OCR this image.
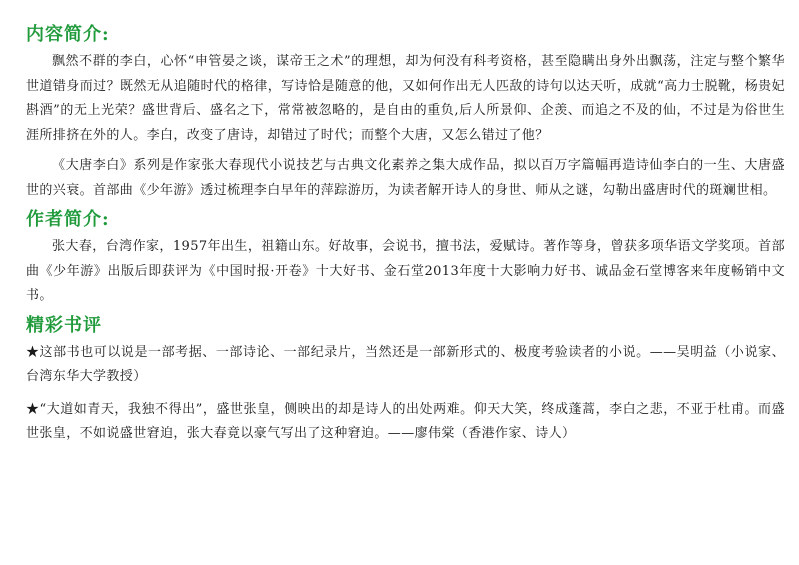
内容简介:

飘然不群的李白，心怀“申管晏之谈，谋帝王之术”的理想，却为何没有科考资格，甚至隐瞒出身外出飘荡，注定与整个繁华世道错身而过？既然无从追随时代的格律，写诗恰是随意的他，又如何作出无人匹敌的诗句以达天听，成就“高力士脱靴，杨贵妃斟酒”的无上光荣？盛世背后、盛名之下，常常被忽略的，是自由的重负,后人所景仰、企羡、而追之不及的仙，不过是为俗世生涯所排挤在外的人。李白，改变了唐诗，却错过了时代；而整个大唐，又怎么错过了他？

《大唐李白》系列是作家张大春现代小说技艺与古典文化素养之集大成作品，拟以百万字篇幅再造诗仙李白的一生、大唐盛世的兴衰。首部曲《少年游》透过梳理李白早年的萍踪游历，为读者解开诗人的身世、师从之谜，勾勒出盛唐时代的斑斓世相。

作者简介:

张大春，台湾作家，1957年出生，祖籍山东。好故事，会说书，擅书法，爱赋诗。著作等身，曾获多项华语文学奖项。首部曲《少年游》出版后即获评为《中国时报·开卷》十大好书、金石堂2013年度十大影响力好书、诚品金石堂博客来年度畅销中文书。

精彩书评

★这部书也可以说是一部考据、一部诗论、一部纪录片，当然还是一部新形式的、极度考验读者的小说。——吴明益（小说家、台湾东华大学教授）

★“大道如青天，我独不得出”，盛世张皇，侧映出的却是诗人的出处两难。仰天大笑，终成蓬蒿，李白之悲，不亚于杜甫。而盛世张皇，不如说盛世窘迫，张大春竟以豪气写出了这种窘迫。——廖伟棠（香港作家、诗人）
